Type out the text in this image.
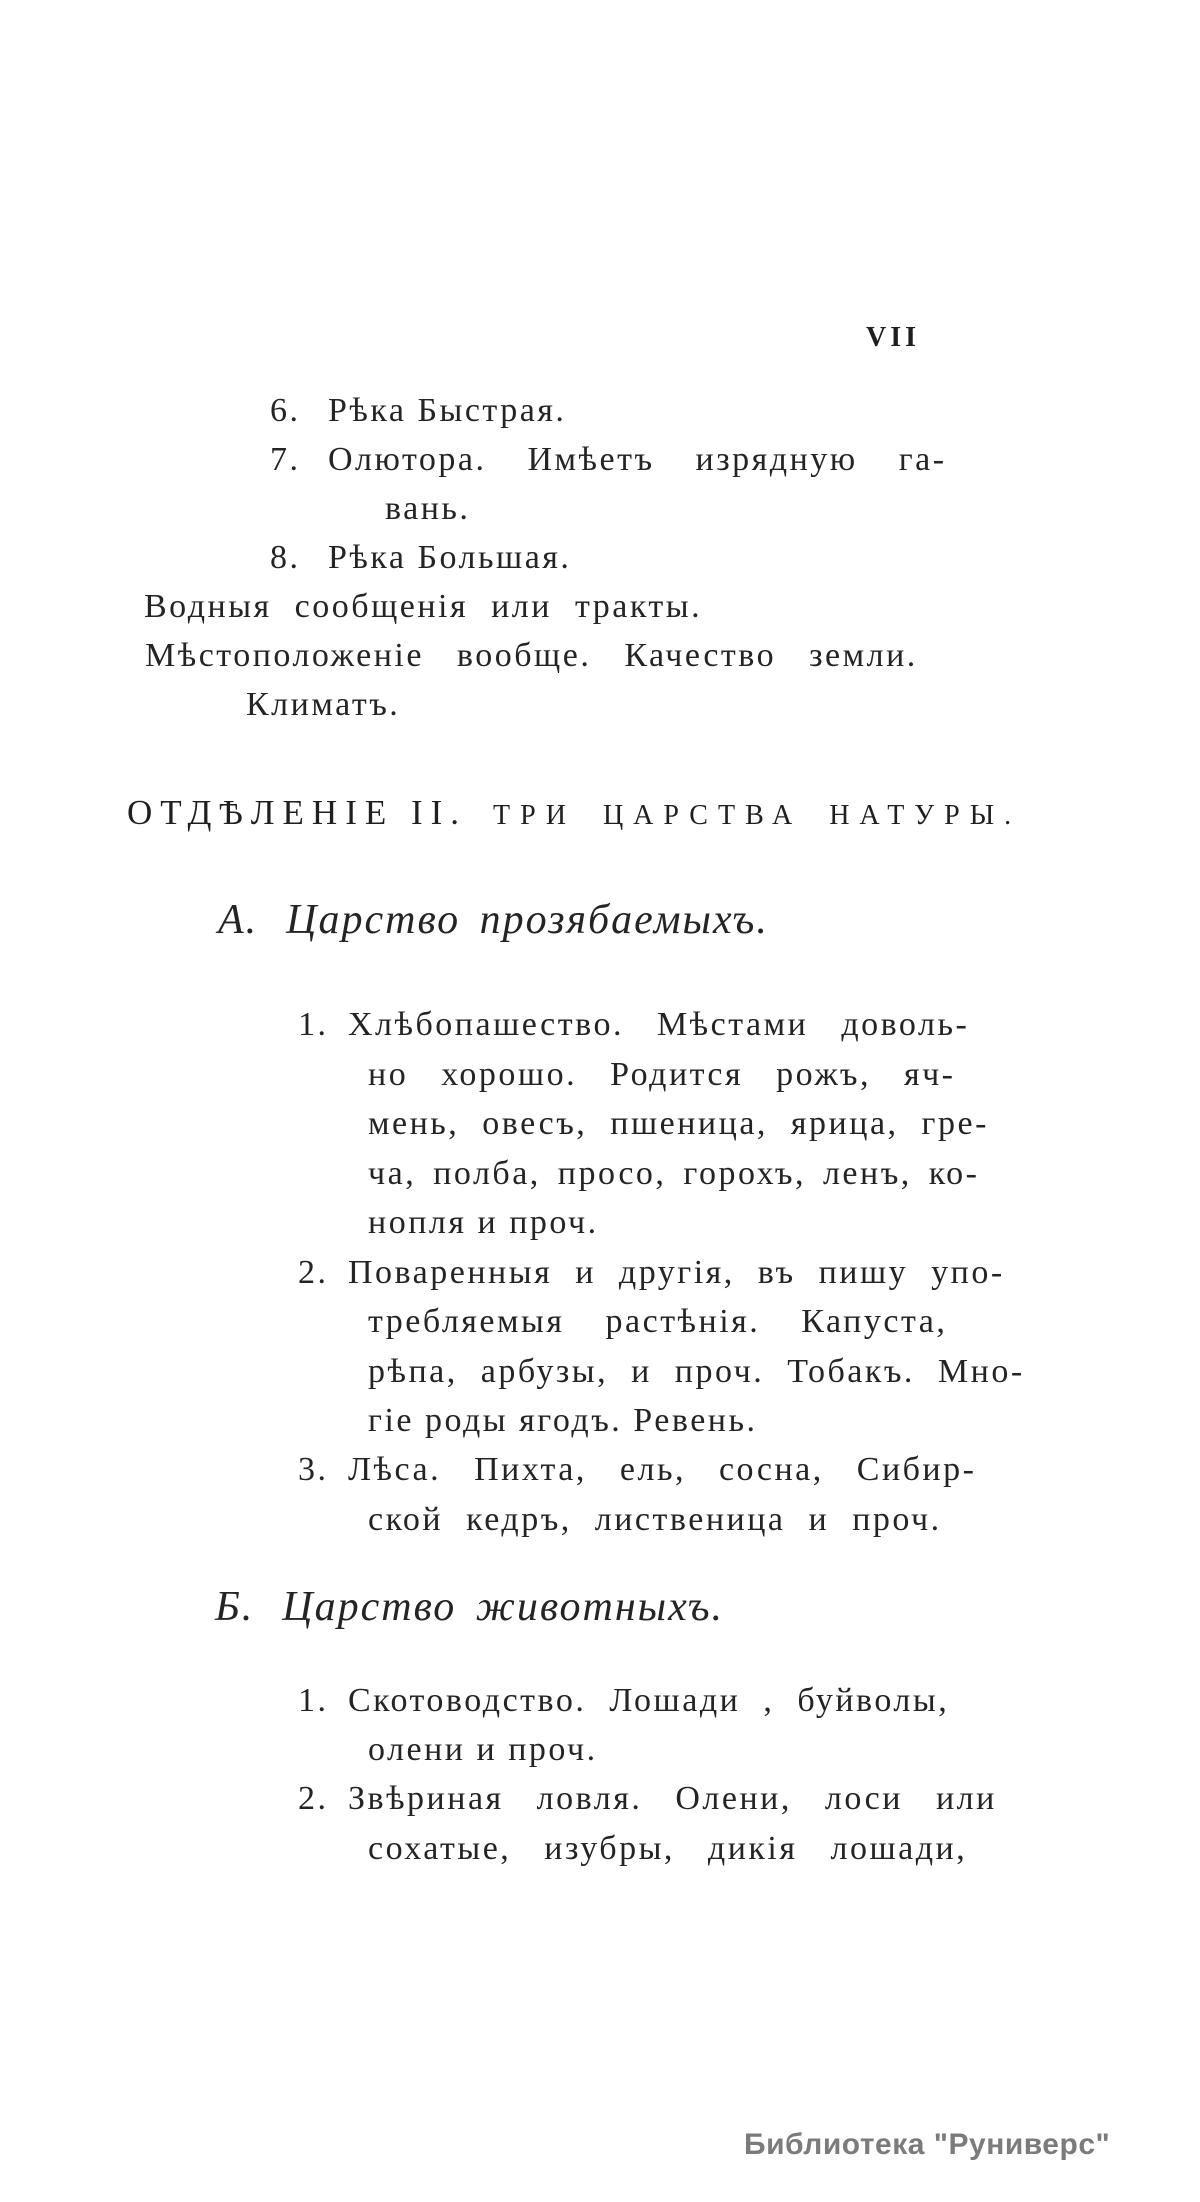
VII
6. Рѣка Быстрая.
7. Олютора. Имѣетъ изрядную га-
вань.
8. Рѣка Большая.
Водныя сообщенія или тракты.
Мѣстоположеніе вообще. Качество земли.
Климатъ.
ОТДѢЛЕНІЕ II. ТРИ ЦАРСТВА НАТУРЫ.
А. Царство прозябаемыхъ.
1. Хлѣбопашество. Мѣстами доволь-
но хорошо. Родится рожъ, яч-
мень, овесъ, пшеница, ярица, гре-
ча, полба, просо, горохъ, ленъ, ко-
нопля и проч.
2. Поваренныя и другія, въ пишу упо-
требляемыя растѣнія. Капуста,
рѣпа, арбузы, и проч. Тобакъ. Мно-
гіе роды ягодъ. Ревень.
3. Лѣса. Пихта, ель, сосна, Сибир-
ской кедръ, лиственица и проч.
Б. Царство животныхъ.
1. Скотоводство. Лошади , буйволы,
олени и проч.
2. Звѣриная ловля. Олени, лоси или
сохатые, изубры, дикія лошади,
Библиотека "Руниверс"
